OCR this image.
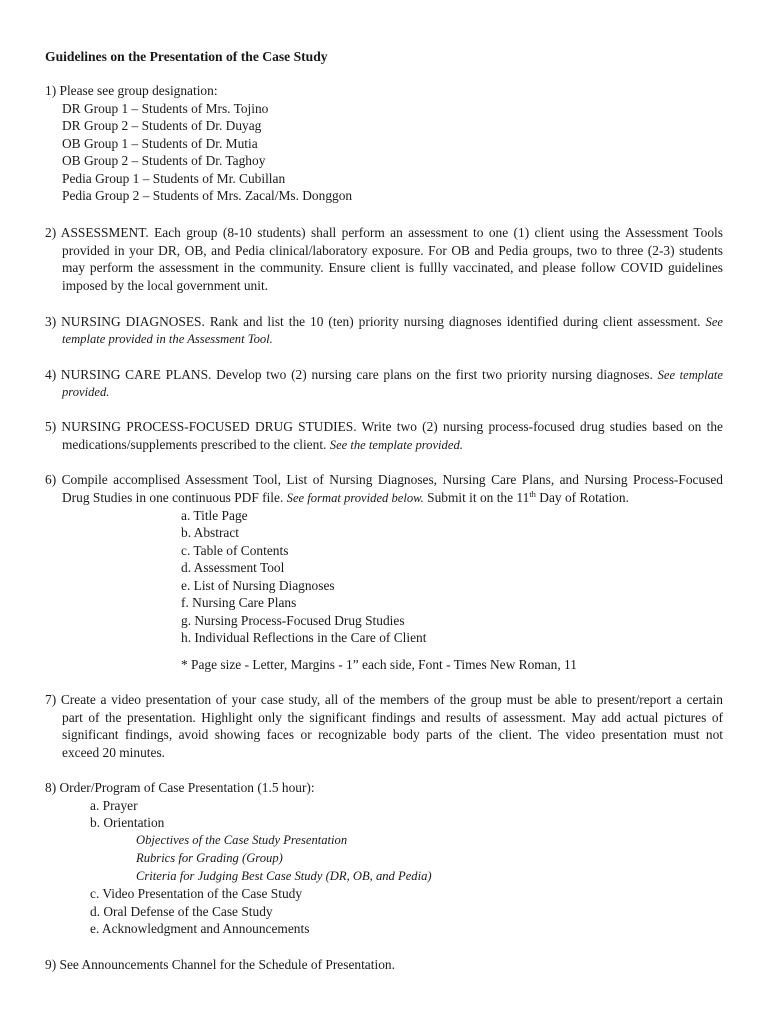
Guidelines on the Presentation of the Case Study
1) Please see group designation:
DR Group 1 – Students of Mrs. Tojino
DR Group 2 – Students of Dr. Duyag
OB Group 1 – Students of Dr. Mutia
OB Group 2 – Students of Dr. Taghoy
Pedia Group 1 – Students of Mr. Cubillan
Pedia Group 2 – Students of Mrs. Zacal/Ms. Donggon
2) ASSESSMENT. Each group (8-10 students) shall perform an assessment to one (1) client using the Assessment Tools
provided in your DR, OB, and Pedia clinical/laboratory exposure. For OB and Pedia groups, two to three (2-3) students
may perform the assessment in the community. Ensure client is fullly vaccinated, and please follow COVID guidelines
imposed by the local government unit.
3) NURSING DIAGNOSES. Rank and list the 10 (ten) priority nursing diagnoses identified during client assessment. See
template provided in the Assessment Tool.
4) NURSING CARE PLANS. Develop two (2) nursing care plans on the first two priority nursing diagnoses. See template
provided.
5) NURSING PROCESS-FOCUSED DRUG STUDIES. Write two (2) nursing process-focused drug studies based on the
medications/supplements prescribed to the client. See the template provided.
6) Compile accomplised Assessment Tool, List of Nursing Diagnoses, Nursing Care Plans, and Nursing Process-Focused
Drug Studies in one continuous PDF file. See format provided below. Submit it on the 11th Day of Rotation.
a. Title Page
b. Abstract
c. Table of Contents
d. Assessment Tool
e. List of Nursing Diagnoses
f. Nursing Care Plans
g. Nursing Process-Focused Drug Studies
h. Individual Reflections in the Care of Client
* Page size - Letter, Margins - 1” each side, Font - Times New Roman, 11
7) Create a video presentation of your case study, all of the members of the group must be able to present/report a certain
part of the presentation. Highlight only the significant findings and results of assessment. May add actual pictures of
significant findings, avoid showing faces or recognizable body parts of the client. The video presentation must not
exceed 20 minutes.
8) Order/Program of Case Presentation (1.5 hour):
a. Prayer
b. Orientation
Objectives of the Case Study Presentation
Rubrics for Grading (Group)
Criteria for Judging Best Case Study (DR, OB, and Pedia)
c. Video Presentation of the Case Study
d. Oral Defense of the Case Study
e. Acknowledgment and Announcements
9) See Announcements Channel for the Schedule of Presentation.
